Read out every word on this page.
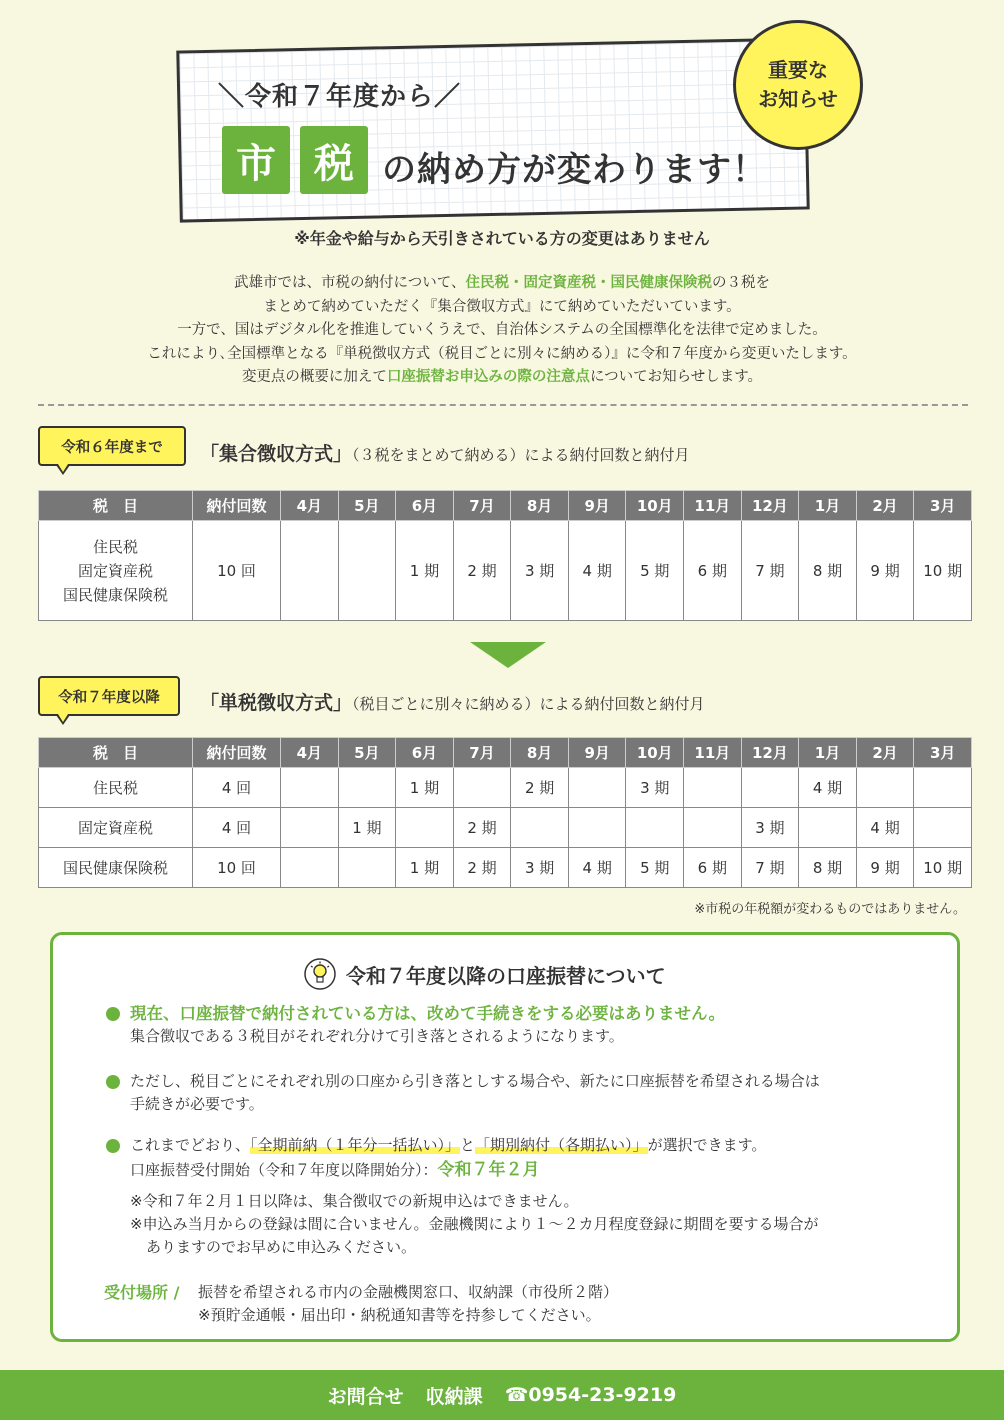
＼令和７年度から／
市 税 の納め方が変わります！
重要な
お知らせ
※年金や給与から天引きされている方の変更はありません
武雄市では、市税の納付について、住民税・固定資産税・国民健康保険税の３税を
まとめて納めていただく『集合徴収方式』にて納めていただいています。
一方で、国はデジタル化を推進していくうえで、自治体システムの全国標準化を法律で定めました。
これにより､全国標準となる『単税徴収方式（税目ごとに別々に納める）』に令和７年度から変更いたします。
変更点の概要に加えて口座振替お申込みの際の注意点についてお知らせします。
令和６年度まで	「集合徴収方式」（３税をまとめて納める）による納付回数と納付月
税　目	納付回数	4月	5月	6月	7月	8月	9月	10月	11月	12月	1月	2月	3月

住民税
固定資産税
国民健康保険税	10 回			1 期	2 期	3 期	4 期	5 期	6 期	7 期	8 期	9 期	10 期
令和７年度以降	「単税徴収方式」（税目ごとに別々に納める）による納付回数と納付月
税　目	納付回数	4月	5月	6月	7月	8月	9月	10月	11月	12月	1月	2月	3月
住民税	4 回			1 期		2 期		3 期			4 期		
固定資産税	4 回		1 期		2 期					3 期		4 期	
国民健康保険税	10 回			1 期	2 期	3 期	4 期	5 期	6 期	7 期	8 期	9 期	10 期
※市税の年税額が変わるものではありません。
令和７年度以降の口座振替について
現在、口座振替で納付されている方は、改めて手続きをする必要はありません。
集合徴収である３税目がそれぞれ分けて引き落とされるようになります。
ただし、税目ごとにそれぞれ別の口座から引き落としする場合や、新たに口座振替を希望される場合は
手続きが必要です。
これまでどおり、「全期前納（１年分一括払い）」と「期別納付（各期払い）」が選択できます。
口座振替受付開始（令和７年度以降開始分）：令和７年２月
※令和７年２月１日以降は、集合徴収での新規申込はできません。
※申込み当月からの登録は間に合いません。金融機関により１～２カ月程度登録に期間を要する場合が
ありますのでお早めに申込みください。
受付場所 / 振替を希望される市内の金融機関窓口、収納課（市役所２階）
※預貯金通帳・届出印・納税通知書等を持参してください。
お問合せ 収納課 ☎0954-23-9219
